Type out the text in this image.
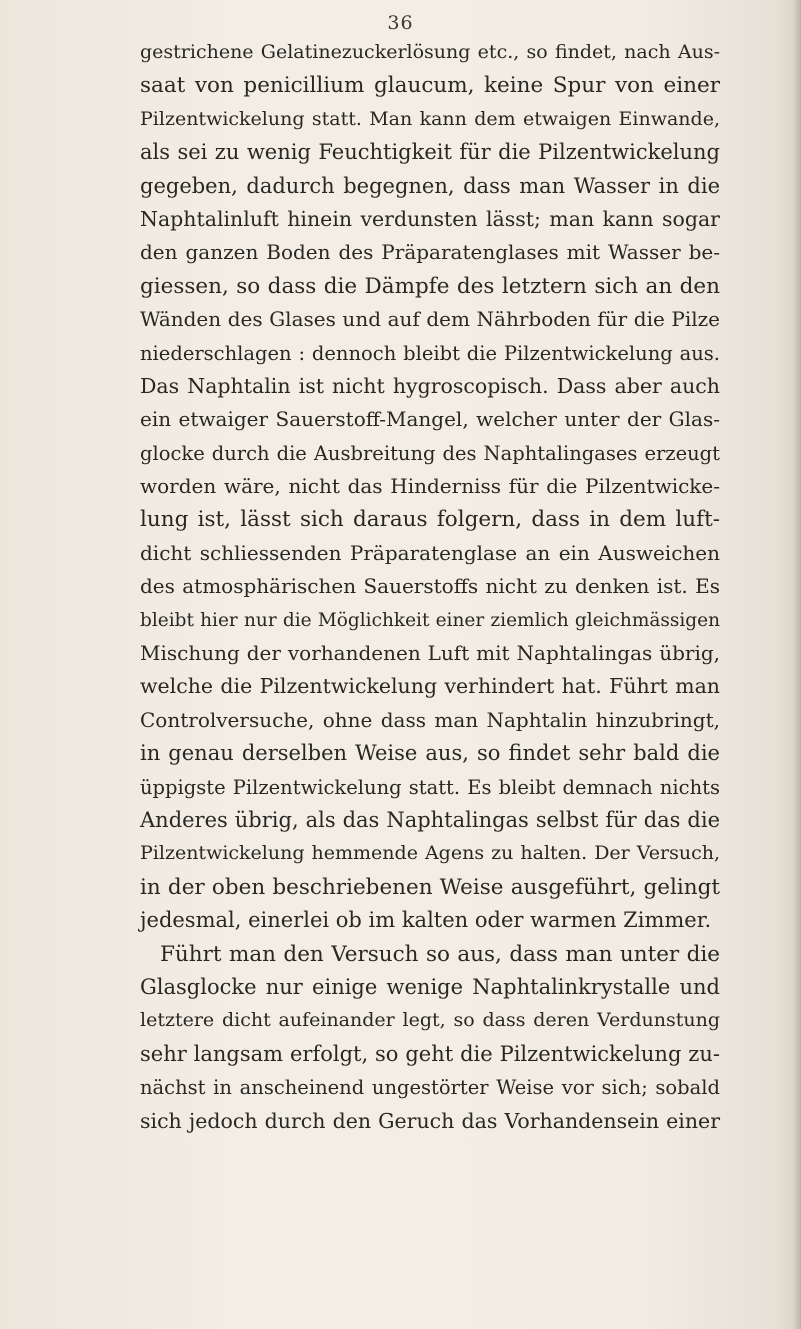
36
gestrichene Gelatinezuckerlösung etc., so findet, nach Aus-
saat von penicillium glaucum, keine Spur von einer
Pilzentwickelung statt. Man kann dem etwaigen Einwande,
als sei zu wenig Feuchtigkeit für die Pilzentwickelung
gegeben, dadurch begegnen, dass man Wasser in die
Naphtalinluft hinein verdunsten lässt; man kann sogar
den ganzen Boden des Präparatenglases mit Wasser be-
giessen, so dass die Dämpfe des letztern sich an den
Wänden des Glases und auf dem Nährboden für die Pilze
niederschlagen : dennoch bleibt die Pilzentwickelung aus.
Das Naphtalin ist nicht hygroscopisch. Dass aber auch
ein etwaiger Sauerstoff-Mangel, welcher unter der Glas-
glocke durch die Ausbreitung des Naphtalingases erzeugt
worden wäre, nicht das Hinderniss für die Pilzentwicke-
lung ist, lässt sich daraus folgern, dass in dem luft-
dicht schliessenden Präparatenglase an ein Ausweichen
des atmosphärischen Sauerstoffs nicht zu denken ist. Es
bleibt hier nur die Möglichkeit einer ziemlich gleichmässigen
Mischung der vorhandenen Luft mit Naphtalingas übrig,
welche die Pilzentwickelung verhindert hat. Führt man
Controlversuche, ohne dass man Naphtalin hinzubringt,
in genau derselben Weise aus, so findet sehr bald die
üppigste Pilzentwickelung statt. Es bleibt demnach nichts
Anderes übrig, als das Naphtalingas selbst für das die
Pilzentwickelung hemmende Agens zu halten. Der Versuch,
in der oben beschriebenen Weise ausgeführt, gelingt
jedesmal, einerlei ob im kalten oder warmen Zimmer.
Führt man den Versuch so aus, dass man unter die
Glasglocke nur einige wenige Naphtalinkrystalle und
letztere dicht aufeinander legt, so dass deren Verdunstung
sehr langsam erfolgt, so geht die Pilzentwickelung zu-
nächst in anscheinend ungestörter Weise vor sich; sobald
sich jedoch durch den Geruch das Vorhandensein einer
